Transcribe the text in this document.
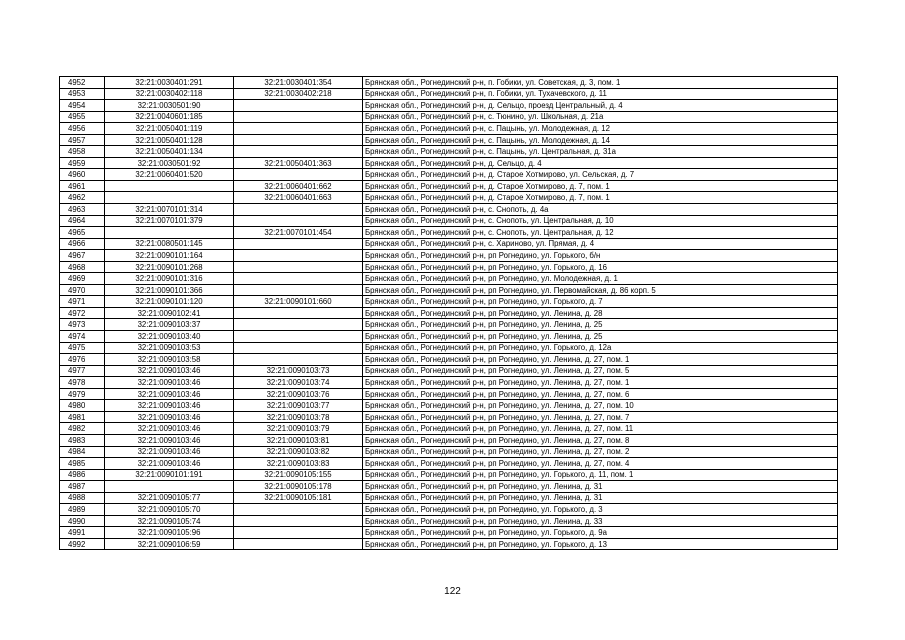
4952	32:21:0030401:291	32:21:0030401:354	Брянская обл., Рогнединский р-н, п. Гобики, ул. Советская, д. 3, пом. 1
4953	32:21:0030402:118	32:21:0030402:218	Брянская обл., Рогнединский р-н, п. Гобики, ул. Тухачевского, д. 11
4954	32:21:0030501:90		Брянская обл., Рогнединский р-н, д. Сельцо, проезд Центральный, д. 4
4955	32:21:0040601:185		Брянская обл., Рогнединский р-н, с. Тюнино, ул. Школьная, д. 21а
4956	32:21:0050401:119		Брянская обл., Рогнединский р-н, с. Пацынь, ул. Молодежная, д. 12
4957	32:21:0050401:128		Брянская обл., Рогнединский р-н, с. Пацынь, ул. Молодежная, д. 14
4958	32:21:0050401:134		Брянская обл., Рогнединский р-н, с. Пацынь, ул. Центральная, д. 31а
4959	32:21:0030501:92	32:21:0050401:363	Брянская обл., Рогнединский р-н, д. Сельцо, д. 4
4960	32:21:0060401:520		Брянская обл., Рогнединский р-н, д. Старое Хотмирово, ул. Сельская, д. 7
4961		32:21:0060401:662	Брянская обл., Рогнединский р-н, д. Старое Хотмирово, д. 7, пом. 1
4962		32:21:0060401:663	Брянская обл., Рогнединский р-н, д. Старое Хотмирово, д. 7, пом. 1
4963	32:21:0070101:314		Брянская обл., Рогнединский р-н, с. Снопоть, д. 4а
4964	32:21:0070101:379		Брянская обл., Рогнединский р-н, с. Снопоть, ул. Центральная, д. 10
4965		32:21:0070101:454	Брянская обл., Рогнединский р-н, с. Снопоть, ул. Центральная, д. 12
4966	32:21:0080501:145		Брянская обл., Рогнединский р-н, с. Хариново, ул. Прямая, д. 4
4967	32:21:0090101:164		Брянская обл., Рогнединский р-н, рп Рогнедино, ул. Горького, б/н
4968	32:21:0090101:268		Брянская обл., Рогнединский р-н, рп Рогнедино, ул. Горького, д. 16
4969	32:21:0090101:316		Брянская обл., Рогнединский р-н, рп Рогнедино, ул. Молодежная, д. 1
4970	32:21:0090101:366		Брянская обл., Рогнединский р-н, рп Рогнедино, ул. Первомайская, д. 86 корп. 5
4971	32:21:0090101:120	32:21:0090101:660	Брянская обл., Рогнединский р-н, рп Рогнедино, ул. Горького, д. 7
4972	32:21:0090102:41		Брянская обл., Рогнединский р-н, рп Рогнедино, ул. Ленина, д. 28
4973	32:21:0090103:37		Брянская обл., Рогнединский р-н, рп Рогнедино, ул. Ленина, д. 25
4974	32:21:0090103:40		Брянская обл., Рогнединский р-н, рп Рогнедино, ул. Ленина, д. 25
4975	32:21:0090103:53		Брянская обл., Рогнединский р-н, рп Рогнедино, ул. Горького, д. 12а
4976	32:21:0090103:58		Брянская обл., Рогнединский р-н, рп Рогнедино, ул. Ленина, д. 27, пом. 1
4977	32:21:0090103:46	32:21:0090103:73	Брянская обл., Рогнединский р-н, рп Рогнедино, ул. Ленина, д. 27, пом. 5
4978	32:21:0090103:46	32:21:0090103:74	Брянская обл., Рогнединский р-н, рп Рогнедино, ул. Ленина, д. 27, пом. 1
4979	32:21:0090103:46	32:21:0090103:76	Брянская обл., Рогнединский р-н, рп Рогнедино, ул. Ленина, д. 27, пом. 6
4980	32:21:0090103:46	32:21:0090103:77	Брянская обл., Рогнединский р-н, рп Рогнедино, ул. Ленина, д. 27, пом. 10
4981	32:21:0090103:46	32:21:0090103:78	Брянская обл., Рогнединский р-н, рп Рогнедино, ул. Ленина, д. 27, пом. 7
4982	32:21:0090103:46	32:21:0090103:79	Брянская обл., Рогнединский р-н, рп Рогнедино, ул. Ленина, д. 27, пом. 11
4983	32:21:0090103:46	32:21:0090103:81	Брянская обл., Рогнединский р-н, рп Рогнедино, ул. Ленина, д. 27, пом. 8
4984	32:21:0090103:46	32:21:0090103:82	Брянская обл., Рогнединский р-н, рп Рогнедино, ул. Ленина, д. 27, пом. 2
4985	32:21:0090103:46	32:21:0090103:83	Брянская обл., Рогнединский р-н, рп Рогнедино, ул. Ленина, д. 27, пом. 4
4986	32:21:0090101:191	32:21:0090105:155	Брянская обл., Рогнединский р-н, рп Рогнедино, ул. Горького, д. 11, пом. 1
4987		32:21:0090105:178	Брянская обл., Рогнединский р-н, рп Рогнедино, ул. Ленина, д. 31
4988	32:21:0090105:77	32:21:0090105:181	Брянская обл., Рогнединский р-н, рп Рогнедино, ул. Ленина, д. 31
4989	32:21:0090105:70		Брянская обл., Рогнединский р-н, рп Рогнедино, ул. Горького, д. 3
4990	32:21:0090105:74		Брянская обл., Рогнединский р-н, рп Рогнедино, ул. Ленина, д. 33
4991	32:21:0090105:96		Брянская обл., Рогнединский р-н, рп Рогнедино, ул. Горького, д. 9а
4992	32:21:0090106:59		Брянская обл., Рогнединский р-н, рп Рогнедино, ул. Горького, д. 13
122
